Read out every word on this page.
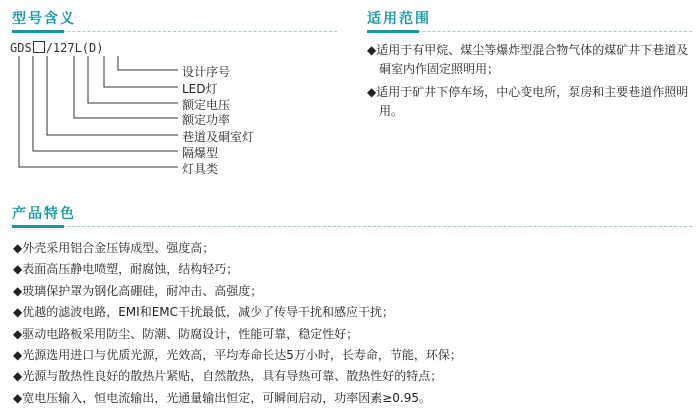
型号含义
GDS /127L(D)
设计序号
LED灯
额定电压
额定功率
巷道及硐室灯
隔爆型
灯具类
适用范围

◆适用于有甲烷、煤尘等爆炸型混合物气体的煤矿井下巷道及硐室内作固定照明用；

◆适用于矿井下停车场，中心变电所，泵房和主要巷道作照明用。

产品特色

◆外壳采用铝合金压铸成型、强度高；

◆表面高压静电喷塑，耐腐蚀，结构轻巧；

◆玻璃保护罩为钢化高硼硅，耐冲击、高强度；

◆优越的滤波电路，EMI和EMC干扰最低，减少了传导干扰和感应干扰；

◆驱动电路板采用防尘、防潮、防腐设计，性能可靠，稳定性好；

◆光源选用进口与优质光源，光效高，平均寿命长达5万小时，长寿命，节能，环保；

◆光源与散热性良好的散热片紧贴，自然散热，具有导热可靠、散热性好的特点；

◆宽电压输入，恒电流输出，光通量输出恒定，可瞬间启动，功率因素≥0.95。
